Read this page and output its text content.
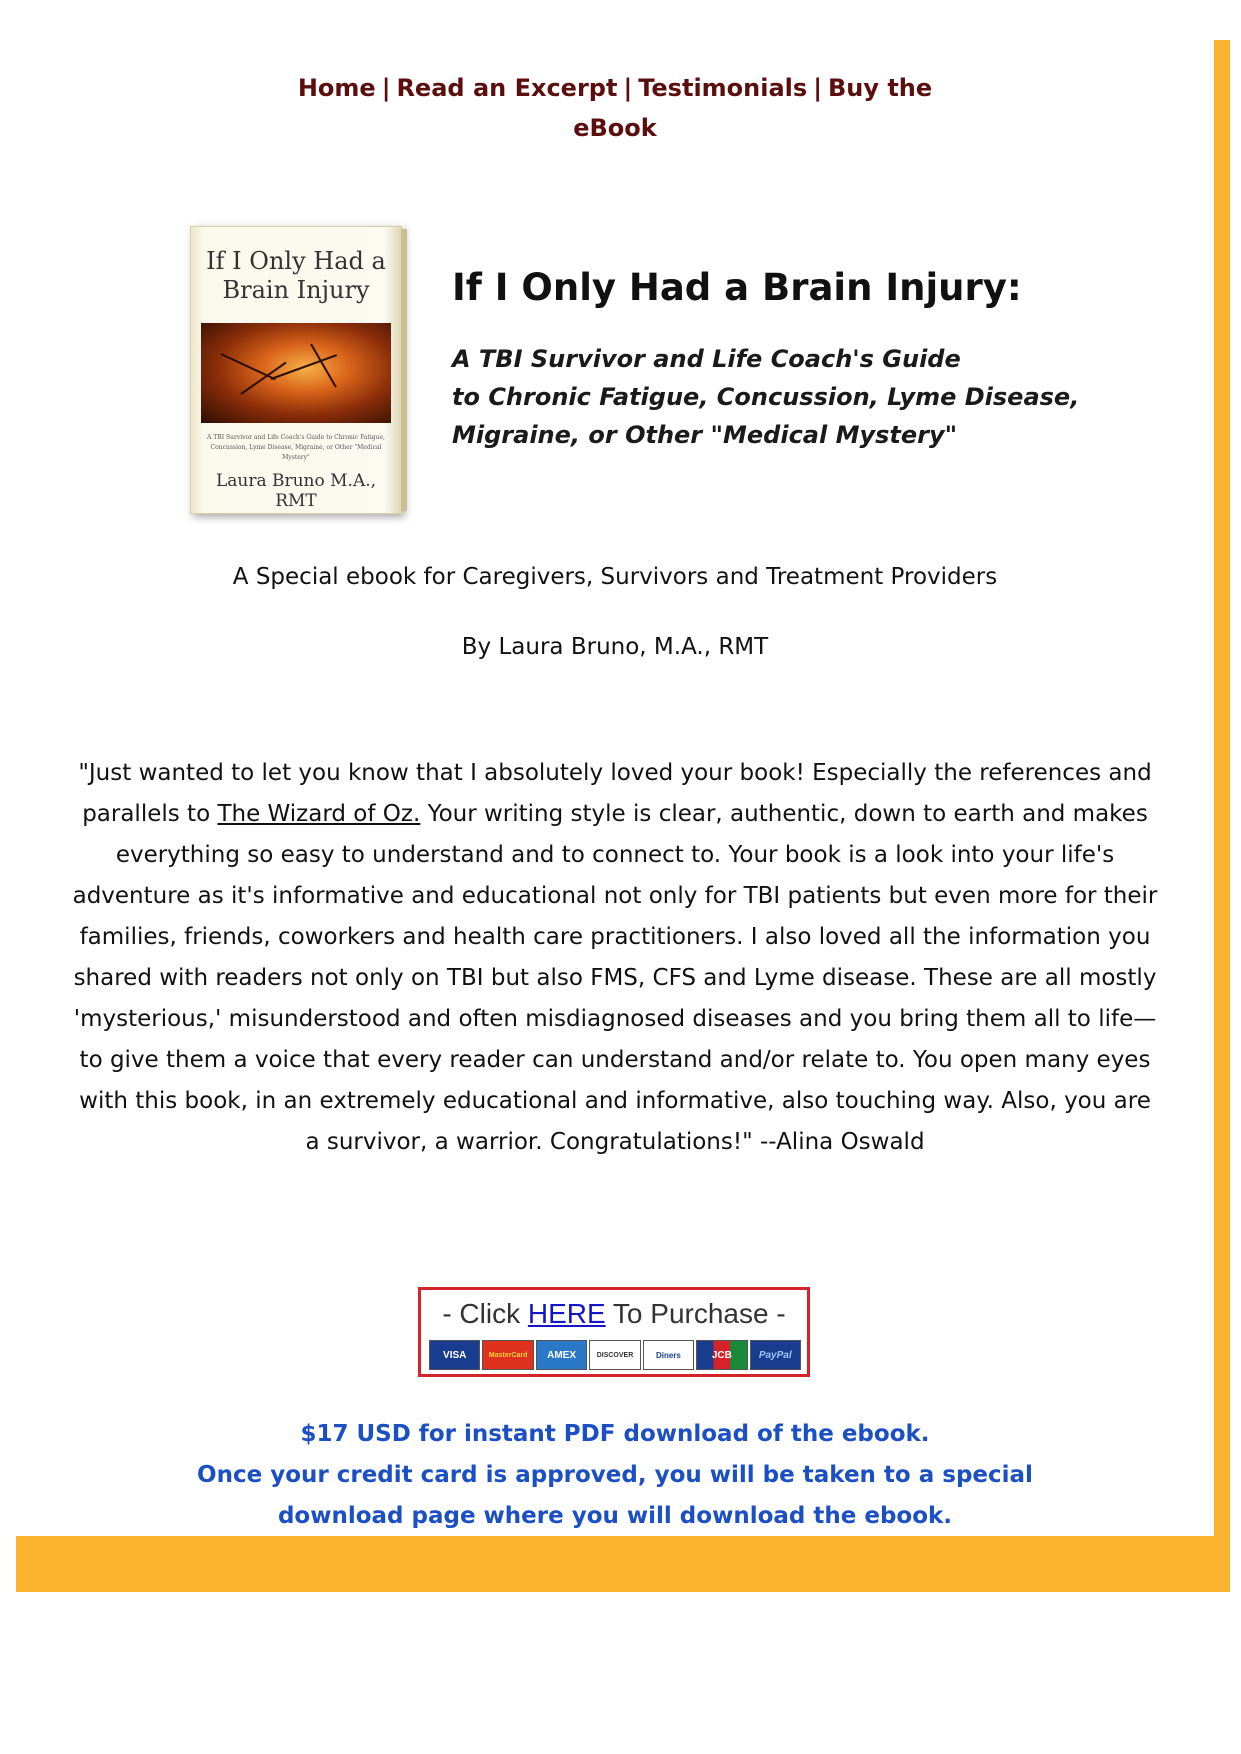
Home | Read an Excerpt | Testimonials | Buy the
eBook
If I Only Had a
Brain Injury
A TBI Survivor and Life Coach's Guide to Chronic Fatigue, Concussion, Lyme Disease, Migraine, or Other "Medical Mystery"
Laura Bruno M.A., RMT
If I Only Had a Brain Injury:
A TBI Survivor and Life Coach's Guide
to Chronic Fatigue, Concussion, Lyme Disease,
Migraine, or Other "Medical Mystery"
A Special ebook for Caregivers, Survivors and Treatment Providers
By Laura Bruno, M.A., RMT
"Just wanted to let you know that I absolutely loved your book! Especially the references and parallels to The Wizard of Oz. Your writing style is clear, authentic, down to earth and makes everything so easy to understand and to connect to. Your book is a look into your life's adventure as it's informative and educational not only for TBI patients but even more for their families, friends, coworkers and health care practitioners. I also loved all the information you shared with readers not only on TBI but also FMS, CFS and Lyme disease. These are all mostly 'mysterious,' misunderstood and often misdiagnosed diseases and you bring them all to life—to give them a voice that every reader can understand and/or relate to. You open many eyes with this book, in an extremely educational and informative, also touching way. Also, you are a survivor, a warrior. Congratulations!" --Alina Oswald
- Click HERE To Purchase -
VISA	MasterCard	AMEX	DISCOVER	Diners	JCB	PayPal
$17 USD for instant PDF download of the ebook.
Once your credit card is approved, you will be taken to a special
download page where you will download the ebook.
